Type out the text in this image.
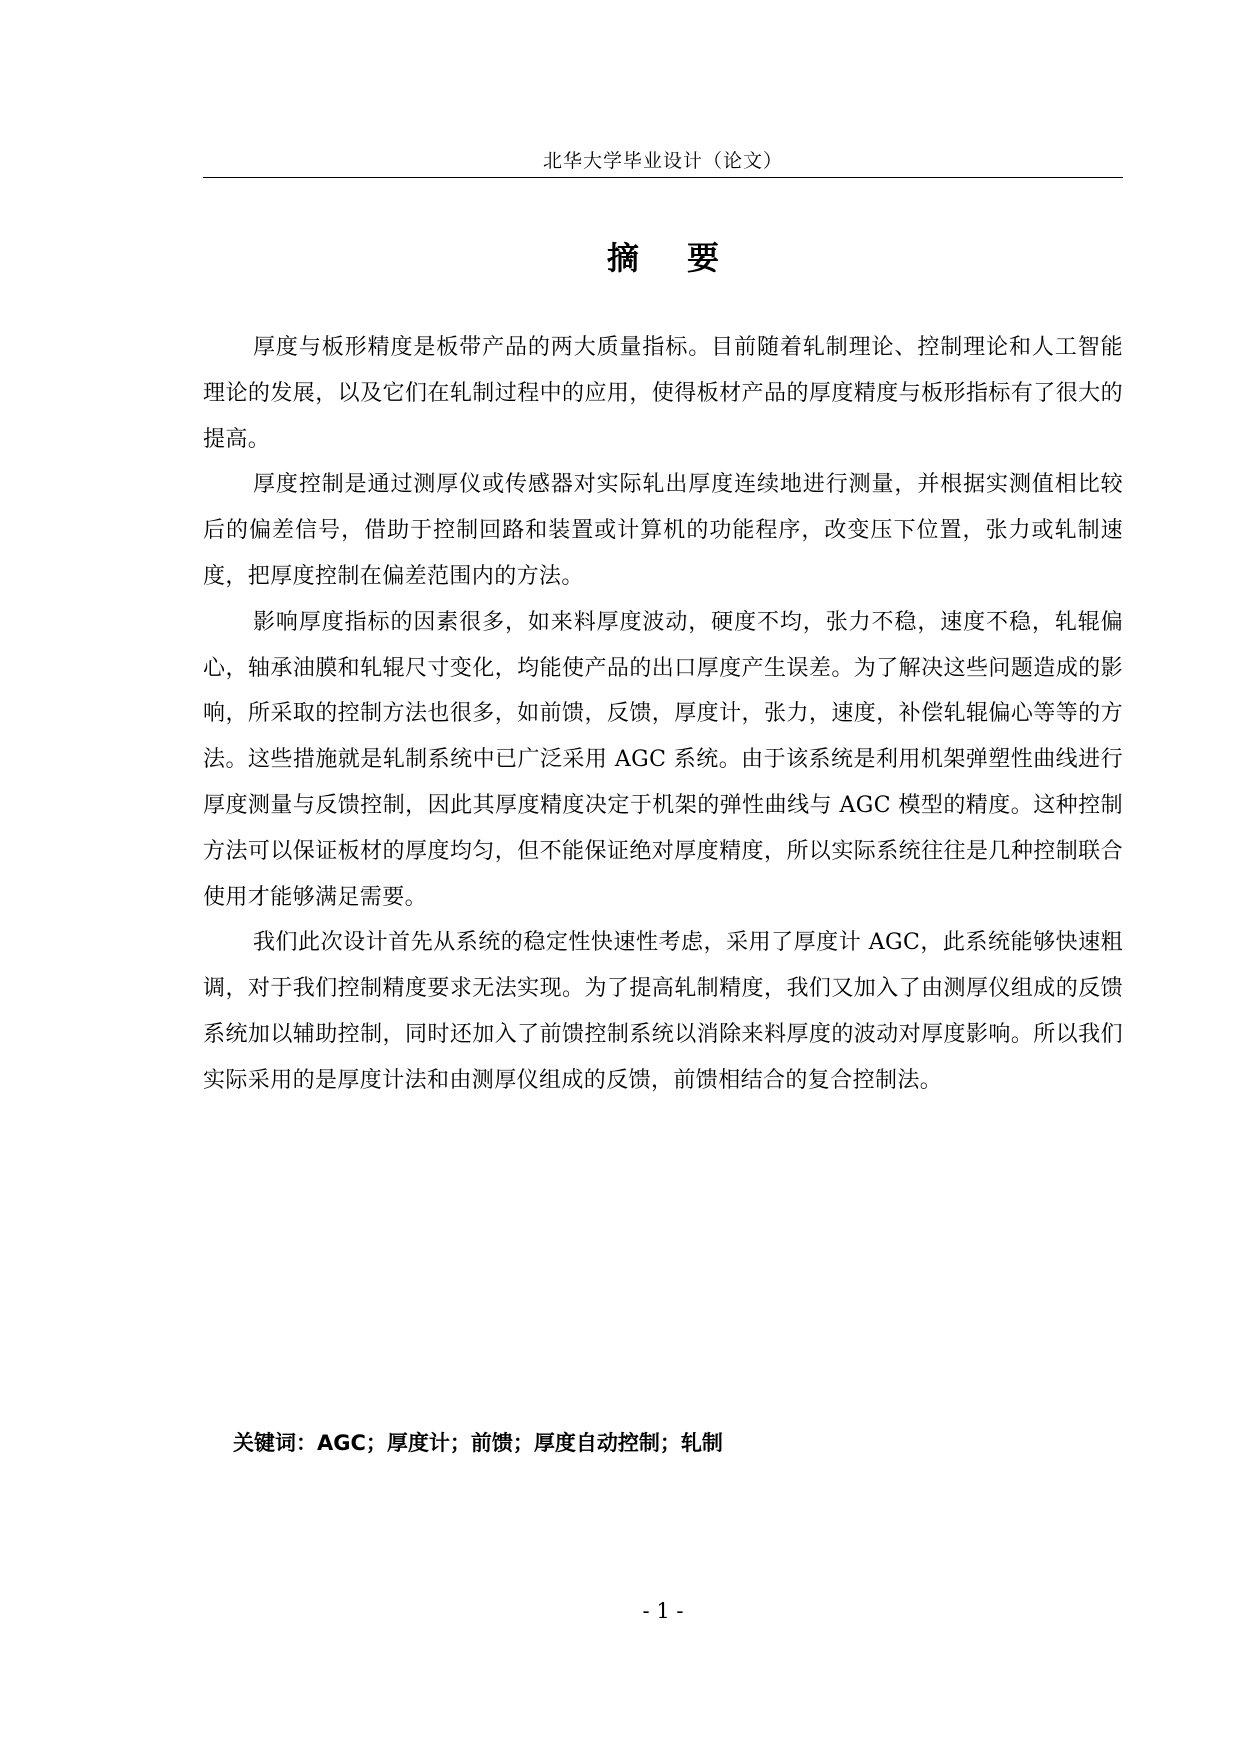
北华大学毕业设计（论文）
摘要

厚度与板形精度是板带产品的两大质量指标。目前随着轧制理论、控制理论和人工智能理论的发展，以及它们在轧制过程中的应用，使得板材产品的厚度精度与板形指标有了很大的提高。

厚度控制是通过测厚仪或传感器对实际轧出厚度连续地进行测量，并根据实测值相比较后的偏差信号，借助于控制回路和装置或计算机的功能程序，改变压下位置，张力或轧制速度，把厚度控制在偏差范围内的方法。

影响厚度指标的因素很多，如来料厚度波动，硬度不均，张力不稳，速度不稳，轧辊偏心，轴承油膜和轧辊尺寸变化，均能使产品的出口厚度产生误差。为了解决这些问题造成的影响，所采取的控制方法也很多，如前馈，反馈，厚度计，张力，速度，补偿轧辊偏心等等的方法。这些措施就是轧制系统中已广泛采用 AGC 系统。由于该系统是利用机架弹塑性曲线进行厚度测量与反馈控制，因此其厚度精度决定于机架的弹性曲线与 AGC 模型的精度。这种控制方法可以保证板材的厚度均匀，但不能保证绝对厚度精度，所以实际系统往往是几种控制联合使用才能够满足需要。

我们此次设计首先从系统的稳定性快速性考虑，采用了厚度计 AGC，此系统能够快速粗调，对于我们控制精度要求无法实现。为了提高轧制精度，我们又加入了由测厚仪组成的反馈系统加以辅助控制，同时还加入了前馈控制系统以消除来料厚度的波动对厚度影响。所以我们实际采用的是厚度计法和由测厚仪组成的反馈，前馈相结合的复合控制法。

关键词：AGC；厚度计；前馈；厚度自动控制；轧制
- 1 -
